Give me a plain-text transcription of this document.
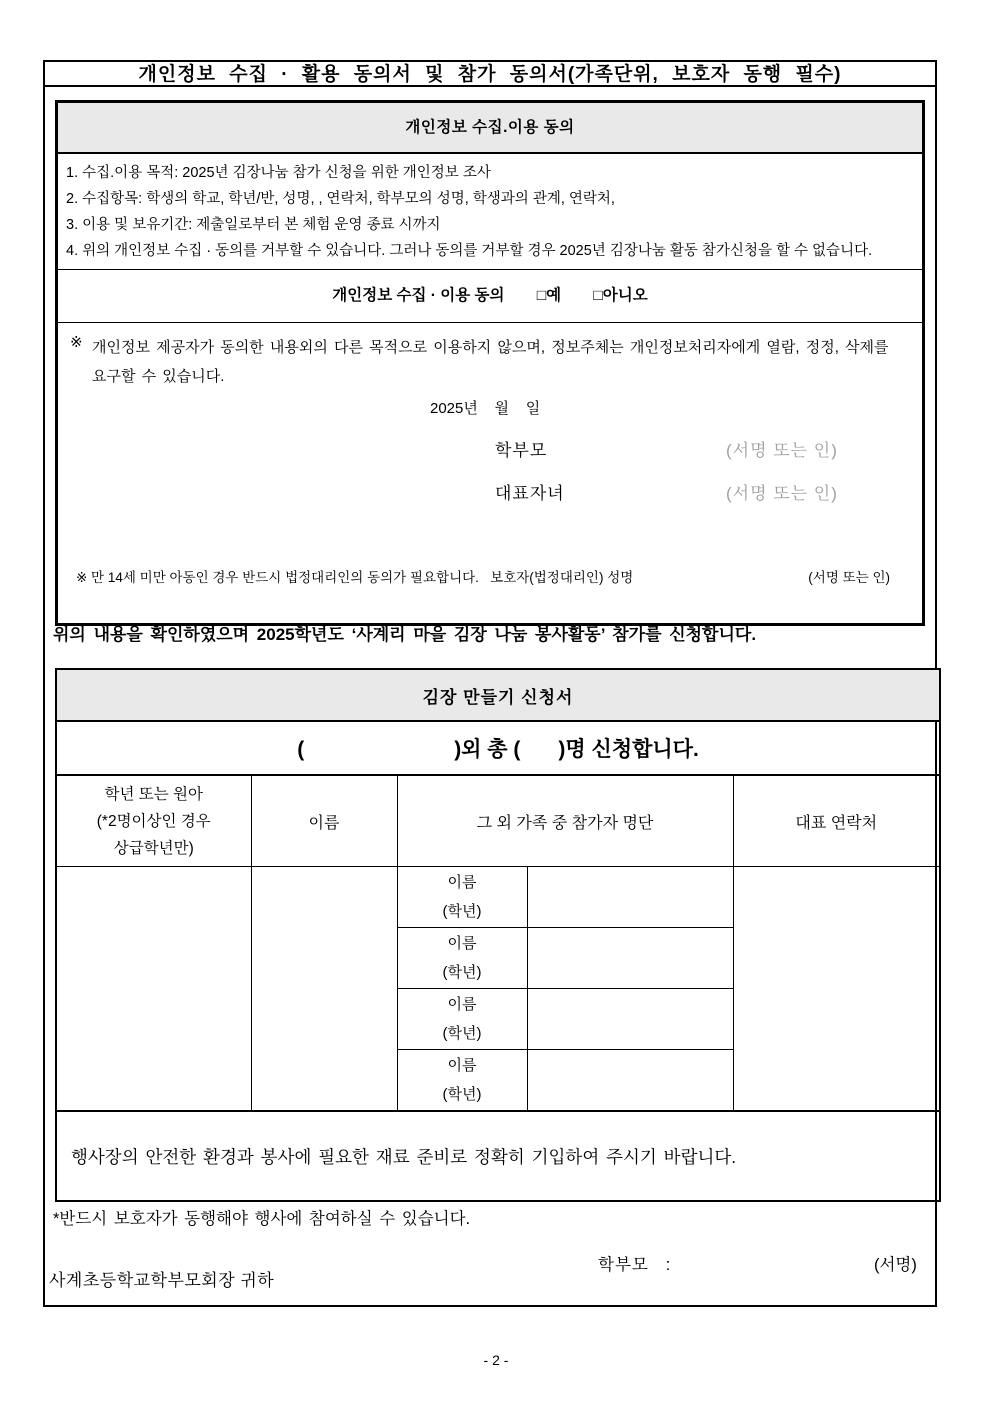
개인정보 수집 · 활용 동의서 및 참가 동의서(가족단위, 보호자 동행 필수)
개인정보 수집.이용 동의
1. 수집.이용 목적: 2025년 김장나눔 참가 신청을 위한 개인정보 조사
2. 수집항목: 학생의 학교, 학년/반, 성명, , 연락처, 학부모의 성명, 학생과의 관계, 연락처,
3. 이용 및 보유기간: 제출일로부터 본 체험 운영 종료 시까지
4. 위의 개인정보 수집 · 동의를 거부할 수 있습니다. 그러나 동의를 거부할 경우 2025년 김장나눔 활동 참가신청을 할 수 없습니다.
개인정보 수집 · 이용 동의 □예 □아니오
※ 개인정보 제공자가 동의한 내용외의 다른 목적으로 이용하지 않으며, 정보주체는 개인정보처리자에게 열람, 정정, 삭제를 요구할 수 있습니다.
2025년    월    일
학부모	(서명 또는 인)
대표자녀	(서명 또는 인)
※ 만 14세 미만 아동인 경우 반드시 법정대리인의 동의가 필요합니다.   보호자(법정대리인) 성명	(서명 또는 인)
위의 내용을 확인하였으며 2025학년도 ‘사계리 마을 김장 나눔 봉사활동’ 참가를 신청합니다.
김장 만들기 신청서				
( )외 총 ( )명 신청합니다.				

학년 또는 원아
(*2명이상인 경우
상급학년만)	이름	그 외 가족 중 참가자 명단		대표 연락처

		이름
(학년)		

		이름
(학년)		

		이름
(학년)		

		이름
(학년)		

행사장의 안전한 환경과 봉사에 필요한 재료 준비로 정확히 기입하여 주시기 바랍니다.				
*반드시 보호자가 동행해야 행사에 참여하실 수 있습니다.
학부모   :	(서명)
사계초등학교학부모회장 귀하
- 2 -
